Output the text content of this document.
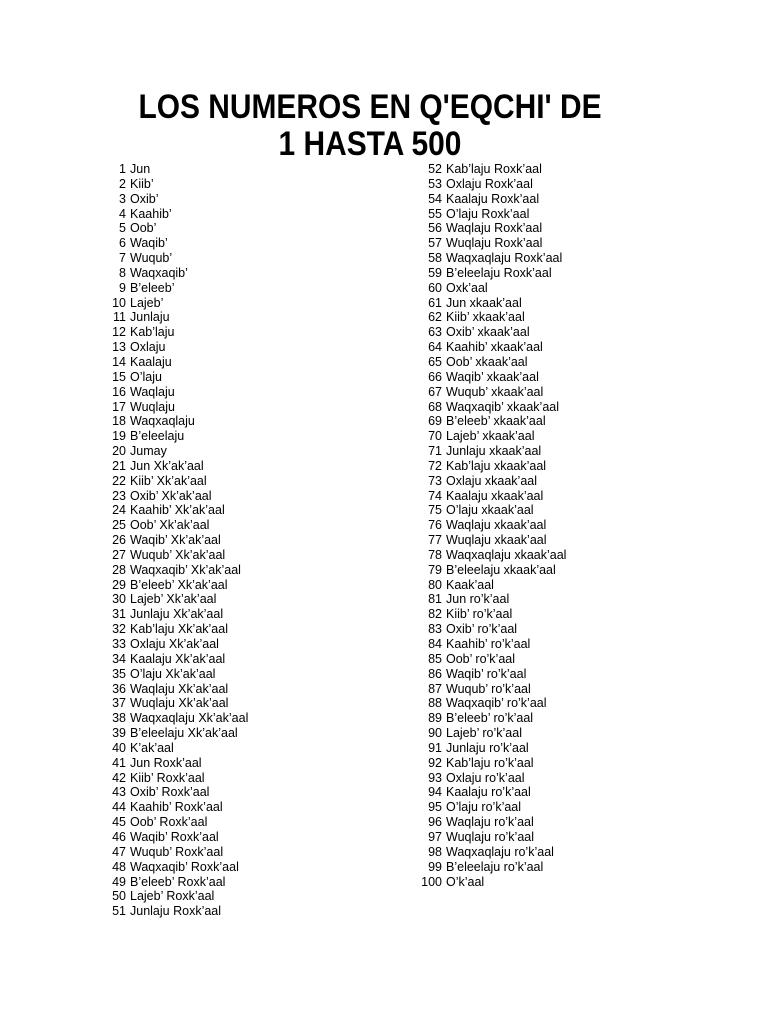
LOS NUMEROS EN Q'EQCHI' DE
1 HASTA 500
1 Jun
2 Kiib’
3 Oxib’
4 Kaahib’
5 Oob’
6 Waqib’
7 Wuqub’
8 Waqxaqib’
9 B’eleeb’
10 Lajeb’
11 Junlaju
12 Kab’laju
13 Oxlaju
14 Kaalaju
15 O’laju
16 Waqlaju
17 Wuqlaju
18 Waqxaqlaju
19 B’eleelaju
20 Jumay
21 Jun Xk’ak’aal
22 Kiib’ Xk’ak’aal
23 Oxib’ Xk’ak’aal
24 Kaahib’ Xk’ak’aal
25 Oob’ Xk’ak’aal
26 Waqib’ Xk’ak’aal
27 Wuqub’ Xk’ak’aal
28 Waqxaqib’ Xk’ak’aal
29 B’eleeb’ Xk’ak’aal
30 Lajeb’ Xk’ak’aal
31 Junlaju Xk’ak’aal
32 Kab’laju Xk’ak’aal
33 Oxlaju Xk’ak’aal
34 Kaalaju Xk’ak’aal
35 O’laju Xk’ak’aal
36 Waqlaju Xk’ak’aal
37 Wuqlaju Xk’ak’aal
38 Waqxaqlaju Xk’ak’aal
39 B’eleelaju Xk’ak’aal
40 K’ak’aal
41 Jun Roxk’aal
42 Kiib’ Roxk’aal
43 Oxib’ Roxk’aal
44 Kaahib’ Roxk’aal
45 Oob’ Roxk’aal
46 Waqib’ Roxk’aal
47 Wuqub’ Roxk’aal
48 Waqxaqib’ Roxk’aal
49 B’eleeb’ Roxk’aal
50 Lajeb’ Roxk’aal
51 Junlaju Roxk’aal
52 Kab’laju Roxk’aal
53 Oxlaju Roxk’aal
54 Kaalaju Roxk’aal
55 O’laju Roxk’aal
56 Waqlaju Roxk’aal
57 Wuqlaju Roxk’aal
58 Waqxaqlaju Roxk’aal
59 B’eleelaju Roxk’aal
60 Oxk’aal
61 Jun xkaak’aal
62 Kiib’ xkaak’aal
63 Oxib’ xkaak’aal
64 Kaahib’ xkaak’aal
65 Oob’ xkaak’aal
66 Waqib’ xkaak’aal
67 Wuqub’ xkaak’aal
68 Waqxaqib’ xkaak’aal
69 B’eleeb’ xkaak’aal
70 Lajeb’ xkaak’aal
71 Junlaju xkaak’aal
72 Kab’laju xkaak’aal
73 Oxlaju xkaak’aal
74 Kaalaju xkaak’aal
75 O’laju xkaak’aal
76 Waqlaju xkaak’aal
77 Wuqlaju xkaak’aal
78 Waqxaqlaju xkaak’aal
79 B’eleelaju xkaak’aal
80 Kaak’aal
81 Jun ro’k’aal
82 Kiib’ ro’k’aal
83 Oxib’ ro’k’aal
84 Kaahib’ ro’k’aal
85 Oob’ ro’k’aal
86 Waqib’ ro’k’aal
87 Wuqub’ ro’k’aal
88 Waqxaqib’ ro’k’aal
89 B’eleeb’ ro’k’aal
90 Lajeb’ ro’k’aal
91 Junlaju ro’k’aal
92 Kab’laju ro’k’aal
93 Oxlaju ro’k’aal
94 Kaalaju ro’k’aal
95 O’laju ro’k’aal
96 Waqlaju ro’k’aal
97 Wuqlaju ro’k’aal
98 Waqxaqlaju ro’k’aal
99 B’eleelaju ro’k’aal
100 O’k’aal
